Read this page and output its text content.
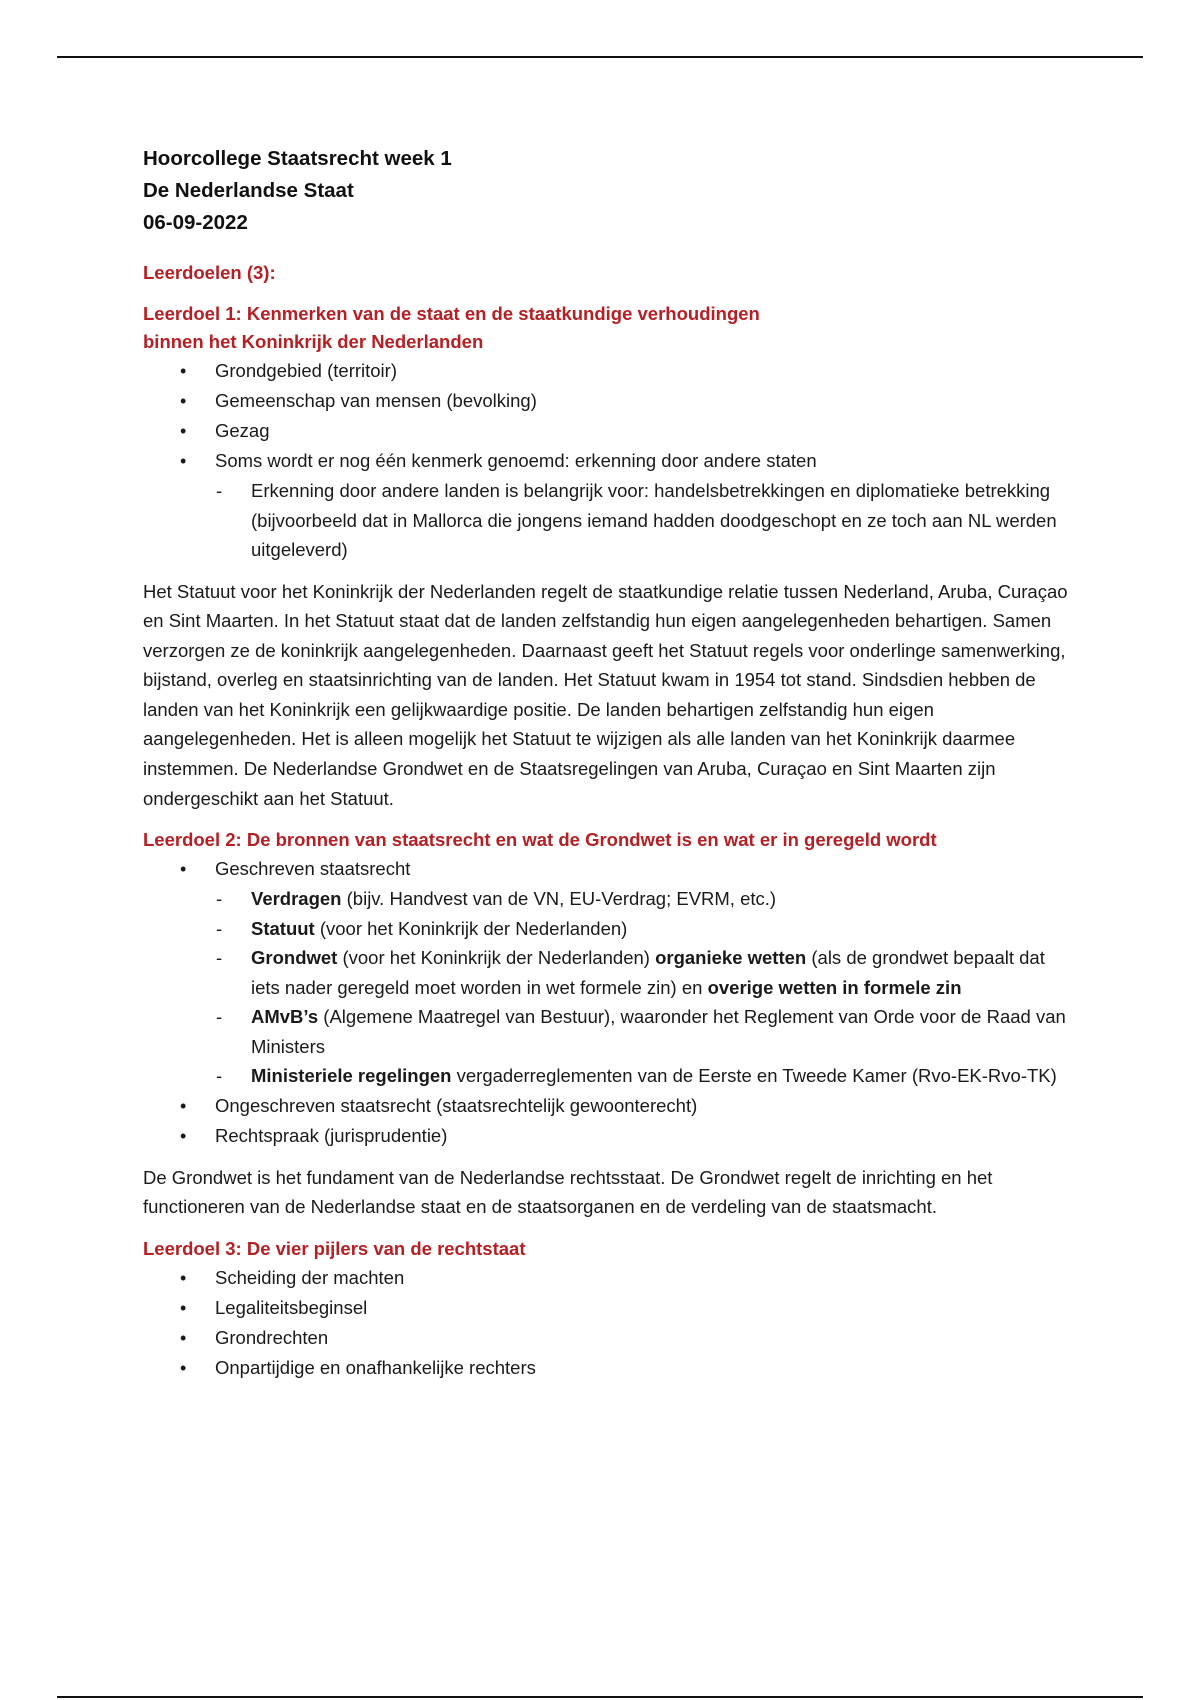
Hoorcollege Staatsrecht week 1
De Nederlandse Staat
06-09-2022
Leerdoelen (3):
Leerdoel 1: Kenmerken van de staat en de staatkundige verhoudingen
binnen het Koninkrijk der Nederlanden
• Grondgebied (territoir)
• Gemeenschap van mensen (bevolking)
• Gezag
• Soms wordt er nog één kenmerk genoemd: erkenning door andere staten
- Erkenning door andere landen is belangrijk voor: handelsbetrekkingen en diplomatieke betrekking (bijvoorbeeld dat in Mallorca die jongens iemand hadden doodgeschopt en ze toch aan NL werden uitgeleverd)
Het Statuut voor het Koninkrijk der Nederlanden regelt de staatkundige relatie tussen Nederland, Aruba, Curaçao en Sint Maarten. In het Statuut staat dat de landen zelfstandig hun eigen aangelegenheden behartigen. Samen verzorgen ze de koninkrijk aangelegenheden. Daarnaast geeft het Statuut regels voor onderlinge samenwerking, bijstand, overleg en staatsinrichting van de landen. Het Statuut kwam in 1954 tot stand. Sindsdien hebben de landen van het Koninkrijk een gelijkwaardige positie. De landen behartigen zelfstandig hun eigen aangelegenheden. Het is alleen mogelijk het Statuut te wijzigen als alle landen van het Koninkrijk daarmee instemmen. De Nederlandse Grondwet en de Staatsregelingen van Aruba, Curaçao en Sint Maarten zijn ondergeschikt aan het Statuut.
Leerdoel 2: De bronnen van staatsrecht en wat de Grondwet is en wat er in geregeld wordt
• Geschreven staatsrecht
- Verdragen (bijv. Handvest van de VN, EU-Verdrag; EVRM, etc.)
- Statuut (voor het Koninkrijk der Nederlanden)
- Grondwet (voor het Koninkrijk der Nederlanden) organieke wetten (als de grondwet bepaalt dat iets nader geregeld moet worden in wet formele zin) en overige wetten in formele zin
- AMvB’s (Algemene Maatregel van Bestuur), waaronder het Reglement van Orde voor de Raad van Ministers
- Ministeriele regelingen vergaderreglementen van de Eerste en Tweede Kamer (Rvo-EK-Rvo-TK)
• Ongeschreven staatsrecht (staatsrechtelijk gewoonterecht)
• Rechtspraak (jurisprudentie)
De Grondwet is het fundament van de Nederlandse rechtsstaat. De Grondwet regelt de inrichting en het functioneren van de Nederlandse staat en de staatsorganen en de verdeling van de staatsmacht.
Leerdoel 3: De vier pijlers van de rechtstaat
• Scheiding der machten
• Legaliteitsbeginsel
• Grondrechten
• Onpartijdige en onafhankelijke rechters
